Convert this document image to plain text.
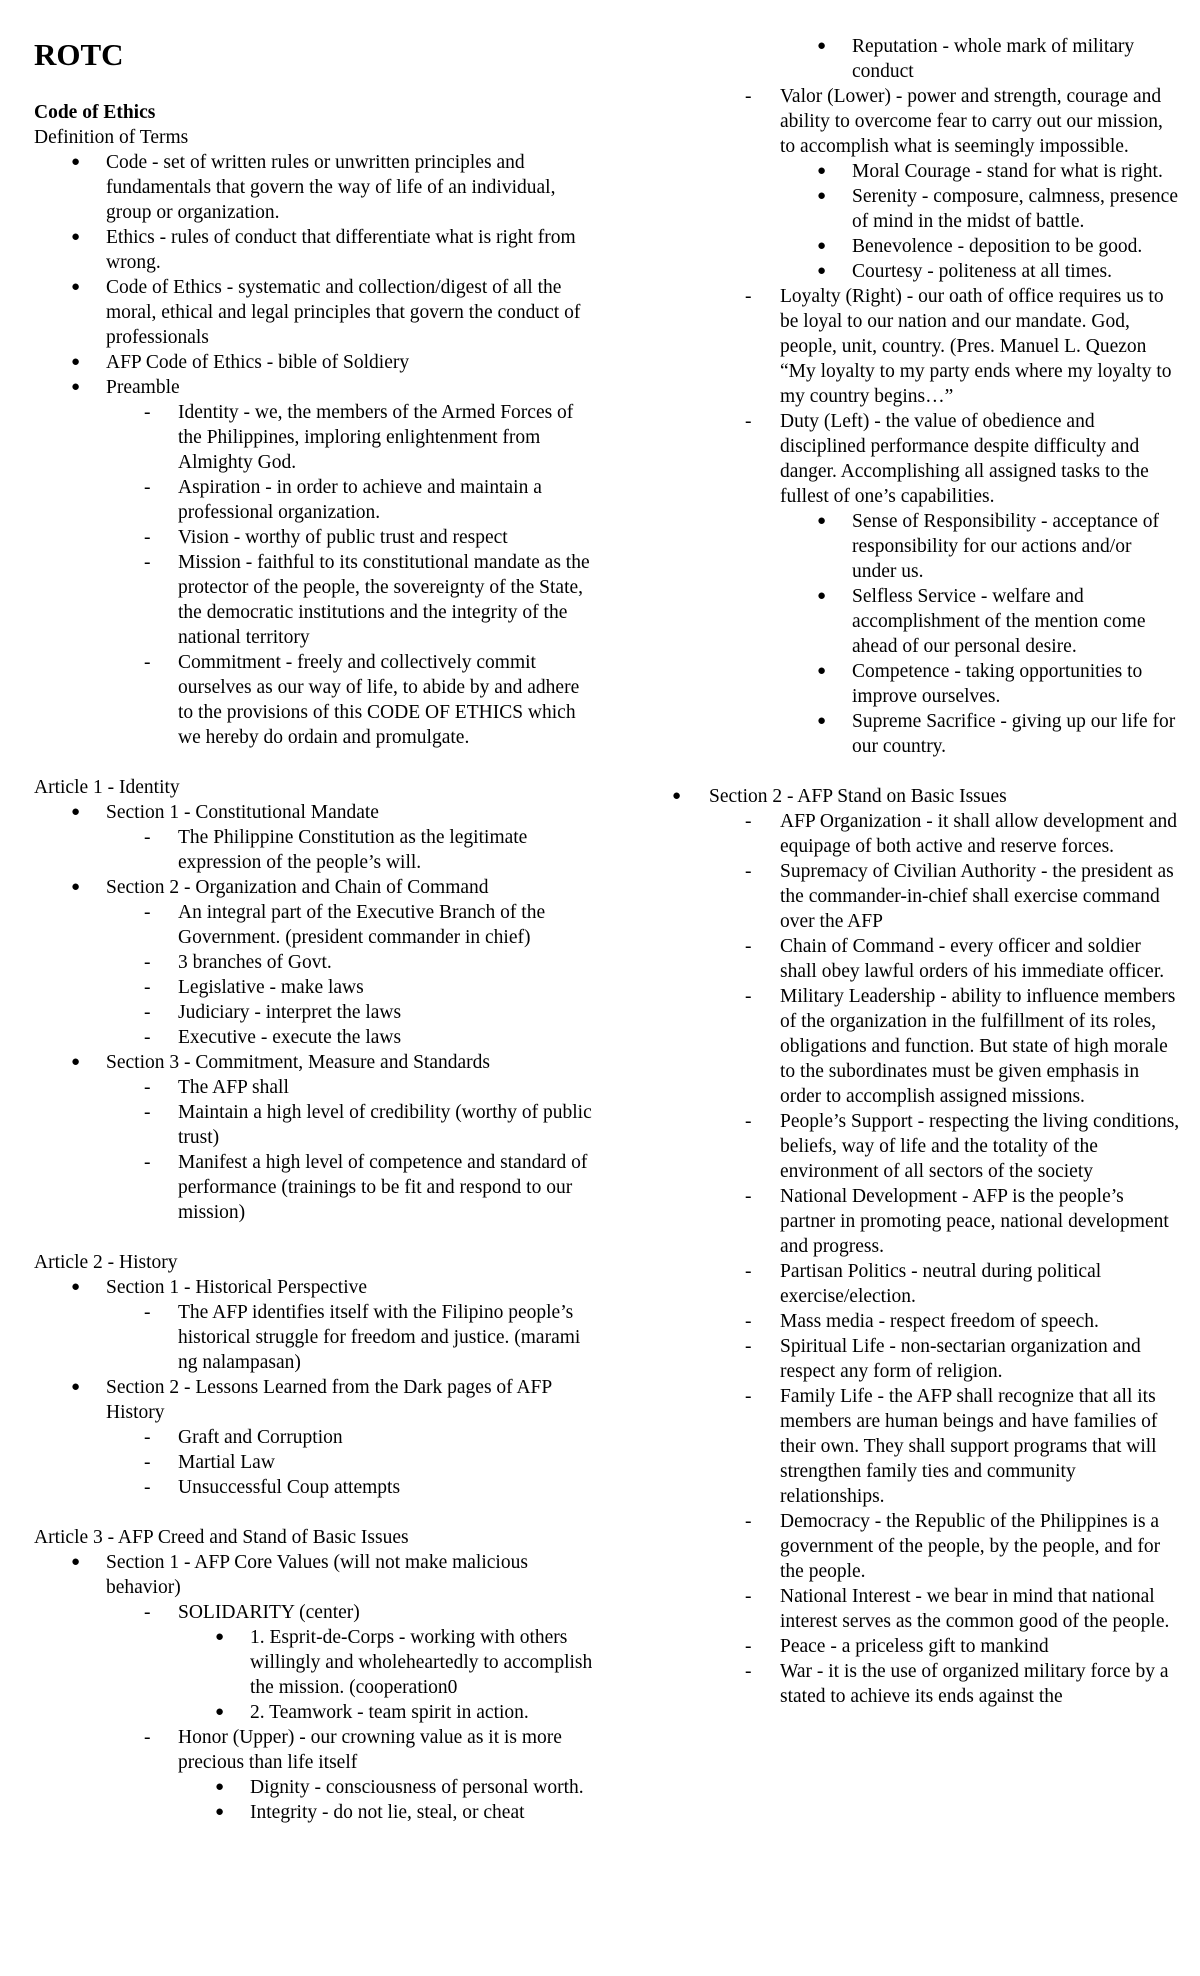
ROTC

Code of Ethics

Definition of Terms

● Code - set of written rules or unwritten principles and fundamentals that govern the way of life of an individual, group or organization.
● Ethics - rules of conduct that differentiate what is right from wrong.
● Code of Ethics - systematic and collection/digest of all the moral, ethical and legal principles that govern the conduct of professionals
● AFP Code of Ethics - bible of Soldiery
● Preamble
- Identity - we, the members of the Armed Forces of the Philippines, imploring enlightenment from Almighty God.
- Aspiration - in order to achieve and maintain a professional organization.
- Vision - worthy of public trust and respect
- Mission - faithful to its constitutional mandate as the protector of the people, the sovereignty of the State, the democratic institutions and the integrity of the national territory
- Commitment - freely and collectively commit ourselves as our way of life, to abide by and adhere to the provisions of this CODE OF ETHICS which we hereby do ordain and promulgate.

Article 1 - Identity

● Section 1 - Constitutional Mandate
- The Philippine Constitution as the legitimate expression of the people’s will.
● Section 2 - Organization and Chain of Command
- An integral part of the Executive Branch of the Government. (president commander in chief)
- 3 branches of Govt.
- Legislative - make laws
- Judiciary - interpret the laws
- Executive - execute the laws
● Section 3 - Commitment, Measure and Standards
- The AFP shall
- Maintain a high level of credibility (worthy of public trust)
- Manifest a high level of competence and standard of performance (trainings to be fit and respond to our mission)

Article 2 - History

● Section 1 - Historical Perspective
- The AFP identifies itself with the Filipino people’s historical struggle for freedom and justice. (marami ng nalampasan)
● Section 2 - Lessons Learned from the Dark pages of AFP History
- Graft and Corruption
- Martial Law
- Unsuccessful Coup attempts

Article 3 - AFP Creed and Stand of Basic Issues

● Section 1 - AFP Core Values (will not make malicious behavior)
- SOLIDARITY (center)
● 1. Esprit-de-Corps - working with others willingly and wholeheartedly to accomplish the mission. (cooperation0
● 2. Teamwork - team spirit in action.
- Honor (Upper) - our crowning value as it is more precious than life itself
● Dignity - consciousness of personal worth.
● Integrity - do not lie, steal, or cheat
● Reputation - whole mark of military conduct
- Valor (Lower) - power and strength, courage and ability to overcome fear to carry out our mission, to accomplish what is seemingly impossible.
● Moral Courage - stand for what is right.
● Serenity - composure, calmness, presence of mind in the midst of battle.
● Benevolence - deposition to be good.
● Courtesy - politeness at all times.
- Loyalty (Right) - our oath of office requires us to be loyal to our nation and our mandate. God, people, unit, country. (Pres. Manuel L. Quezon “My loyalty to my party ends where my loyalty to my country begins…”
- Duty (Left) - the value of obedience and disciplined performance despite difficulty and danger. Accomplishing all assigned tasks to the fullest of one’s capabilities.
● Sense of Responsibility - acceptance of responsibility for our actions and/or under us.
● Selfless Service - welfare and accomplishment of the mention come ahead of our personal desire.
● Competence - taking opportunities to improve ourselves.
● Supreme Sacrifice - giving up our life for our country.
● Section 2 - AFP Stand on Basic Issues
- AFP Organization - it shall allow development and equipage of both active and reserve forces.
- Supremacy of Civilian Authority - the president as the commander-in-chief shall exercise command over the AFP
- Chain of Command - every officer and soldier shall obey lawful orders of his immediate officer.
- Military Leadership - ability to influence members of the organization in the fulfillment of its roles, obligations and function. But state of high morale to the subordinates must be given emphasis in order to accomplish assigned missions.
- People’s Support - respecting the living conditions, beliefs, way of life and the totality of the environment of all sectors of the society
- National Development - AFP is the people’s partner in promoting peace, national development and progress.
- Partisan Politics - neutral during political exercise/election.
- Mass media - respect freedom of speech.
- Spiritual Life - non-sectarian organization and respect any form of religion.
- Family Life - the AFP shall recognize that all its members are human beings and have families of their own. They shall support programs that will strengthen family ties and community relationships.
- Democracy - the Republic of the Philippines is a government of the people, by the people, and for the people.
- National Interest - we bear in mind that national interest serves as the common good of the people.
- Peace - a priceless gift to mankind
- War - it is the use of organized military force by a stated to achieve its ends against the
